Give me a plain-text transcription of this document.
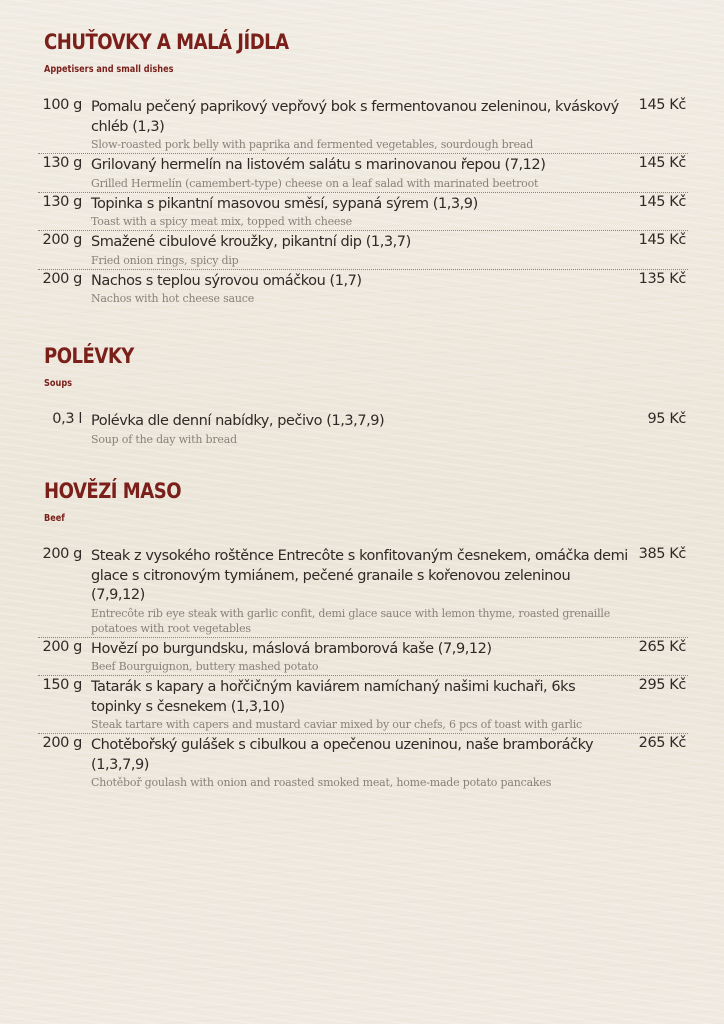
CHUŤOVKY A MALÁ JÍDLA
Appetisers and small dishes
100 g Pomalu pečený paprikový vepřový bok s fermentovanou zeleninou, kváskový chléb (1,3)
Slow-roasted pork belly with paprika and fermented vegetables, sourdough bread
145 Kč
130 g Grilovaný hermelín na listovém salátu s marinovanou řepou (7,12)
Grilled Hermelín (camembert-type) cheese on a leaf salad with marinated beetroot
145 Kč
130 g Topinka s pikantní masovou směsí, sypaná sýrem (1,3,9)
Toast with a spicy meat mix, topped with cheese
145 Kč
200 g Smažené cibulové kroužky, pikantní dip (1,3,7)
Fried onion rings, spicy dip
145 Kč
200 g Nachos s teplou sýrovou omáčkou (1,7)
Nachos with hot cheese sauce
135 Kč
POLÉVKY
Soups
0,3 l Polévka dle denní nabídky, pečivo (1,3,7,9)
Soup of the day with bread
95 Kč
HOVĚZÍ MASO
Beef
200 g Steak z vysokého roštěnce Entrecôte s konfitovaným česnekem, omáčka demi glace s citronovým tymiánem, pečené granaile s kořenovou zeleninou (7,9,12)
Entrecôte rib eye steak with garlic confit, demi glace sauce with lemon thyme, roasted grenaille potatoes with root vegetables
385 Kč
200 g Hovězí po burgundsku, máslová bramborová kaše (7,9,12)
Beef Bourguignon, buttery mashed potato
265 Kč
150 g Tatarák s kapary a hořčičným kaviárem namíchaný našimi kuchaři, 6ks topinky s česnekem (1,3,10)
Steak tartare with capers and mustard caviar mixed by our chefs, 6 pcs of toast with garlic
295 Kč
200 g Chotěbořský gulášek s cibulkou a opečenou uzeninou, naše bramboráčky (1,3,7,9)
Chotěboř goulash with onion and roasted smoked meat, home-made potato pancakes
265 Kč
